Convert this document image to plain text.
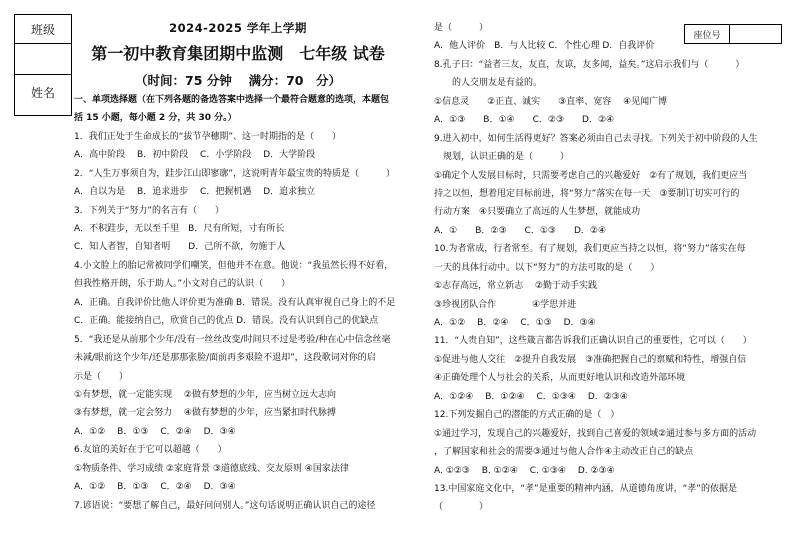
班级
姓名
2024-2025 学年上学期
第一初中教育集团期中监测　七年级 试卷
（时间：75 分钟　 满分：70　分）

一、单项选择题（在下列各题的备选答案中选择一个最符合题意的选项，本题包

括 15 小题，每小题 2 分，共 30 分。）

1．我们正处于生命成长的“拔节孕穗期”、这一时期指的是（　　）

A．高中阶段　 B．初中阶段　 C．小学阶段　 D．大学阶段

2．“人生万事须自为，跬步江山即寥廓”，这说明青年最宝贵的特质是（　　　）

A．自以为是　 B．追求进步　 C．把握机遇　 D．追求独立

3．下列关于“努力”的名言有（　　）

A．不积跬步，无以至千里　B．尺有所短，寸有所长

C．知人者智，自知者明　　D．己所不欲，勿施于人

4.小文脸上的胎记常被同学们嘲笑，但他并不在意。他说：“我虽然长得不好看，

但我性格开朗，乐于助人。”小文对自己的认识（　　）

A．正确。自我评价比他人评价更为准确 B．错误。没有认真审视自己身上的不足

C．正确。能接纳自己，欣赏自己的优点 D．错误。没有认识到自己的优缺点

5．“我还是从前那个少年/没有一丝丝改变/时间只不过是考验/种在心中信念丝毫

未减/眼前这个少年/还是那那张脸/面前再多艰险不退却”，这段歌词对你的启

示是（　　）

①有梦想，就一定能实现　 ②做有梦想的少年，应当树立远大志向

③有梦想，就一定会努力　 ④做有梦想的少年，应当紧扣时代脉搏

A．①②　 B．①③　 C．②④　 D．③④

6.友谊的美好在于它可以超越（　　）

①物质条件、学习成绩 ②家庭背景 ③道德底线、交友原则 ④国家法律

A．①②　 B．①③　 C．②④　 D．③④

7.谚语说：“要想了解自己，最好问问别人。”这句话说明正确认识自己的途径

座位号

是（　　　）

A．他人评价　B．与人比较 C．个性心理 D．自我评价

8.孔子曰：“益者三友，友直，友谅，友多闻，益矣。”这启示我们与（　　　）

　　的人交朋友是有益的。

①信息灵　　②正直、诚实　　③直率、宽容　 ④见闻广博

A．①③　　B．①④　　C．②③　　D．②④

9.进入初中，如何生活得更好？答案必须由自己去寻找。下列关于初中阶段的人生

　规划，认识正确的是（　　　）

①确定个人发展目标时，只需要考虑自己的兴趣爱好　②有了规划，我们更应当

持之以恒，想着甩定目标前进，将“努力”落实在每一天　③要制订切实可行的

行动方案　④只要确立了高远的人生梦想，就能成功

A．①　　B．②③　　C．①③　　D．②④

10.为者常成，行者常至。有了规划，我们更应当持之以恒，将“努力”落实在每

一天的具体行动中。以下“努力”的方法可取的是（　　）

①志存高远，常立新志　 ②勤于动手实践

③珍视团队合作　　　　④学思并进

A．①②　 B．②④　 C．①③　 D．③④

11．“人贵自知”，这些箴言都告诉我们正确认识自己的重要性，它可以（　　）

①促进与他人交往　②提升自我发展　③准确把握自己的禀赋和特性，增强自信

④正确处理个人与社会的关系，从而更好地认识和改造外部环境

A．①②④　 B．①②④　 C．①③④　 D．②③④

12.下列发掘自己的潜能的方式正确的是（　）

①通过学习，发现自己的兴趣爱好，找到自己喜爱的领域②通过参与多方面的活动

，了解国家和社会的需要③通过与他人合作④主动改正自己的缺点

A. ①②③　 B. ①②④　 C. ①③④　 D. ②③④

13.中国家庭文化中，“孝”是重要的精神内涵，从道德角度讲，“孝”的依据是

（　　　　）
